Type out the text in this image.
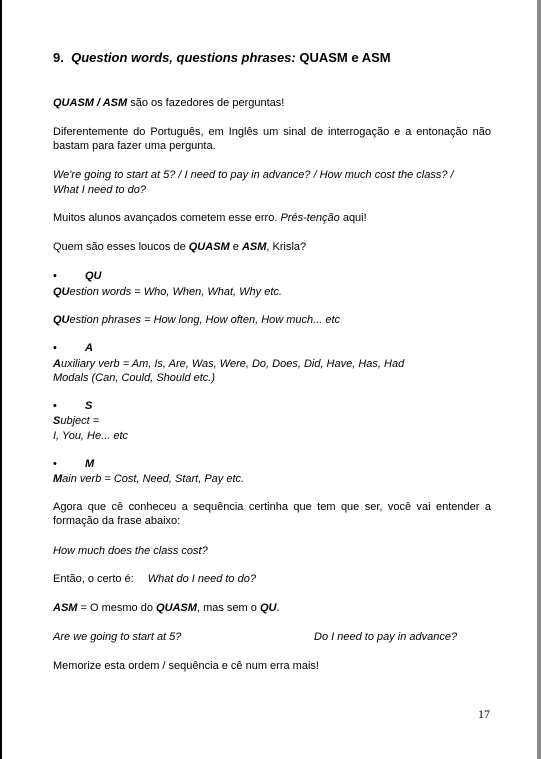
9. Question words, questions phrases: QUASM e ASM

QUASM / ASM são os fazedores de perguntas!

Diferentemente do Português, em Inglês um sinal de interrogação e a entonação não bastam para fazer uma pergunta.

We're going to start at 5? / I need to pay in advance? / How much cost the class? /

What I need to do?

Muitos alunos avançados cometem esse erro. Prés-tenção aqui!

Quem são esses loucos de QUASM e ASM, Krisla?

•	QU

QUestion words = Who, When, What, Why etc.

QUestion phrases = How long, How often, How much... etc

•	A

Auxiliary verb = Am, Is, Are, Was, Were, Do, Does, Did, Have, Has, Had

Modals (Can, Could, Should etc.)

•	S

Subject =

I, You, He... etc

•	M

Main verb = Cost, Need, Start, Pay etc.

Agora que cê conheceu a sequência certinha que tem que ser, você vai entender a formação da frase abaixo:

How much does the class cost?

Então, o certo é: What do I need to do?

ASM = O mesmo do QUASM, mas sem o QU.

Are we going to start at 5?	Do I need to pay in advance?

Memorize esta ordem / sequência e cê num erra mais!

17
